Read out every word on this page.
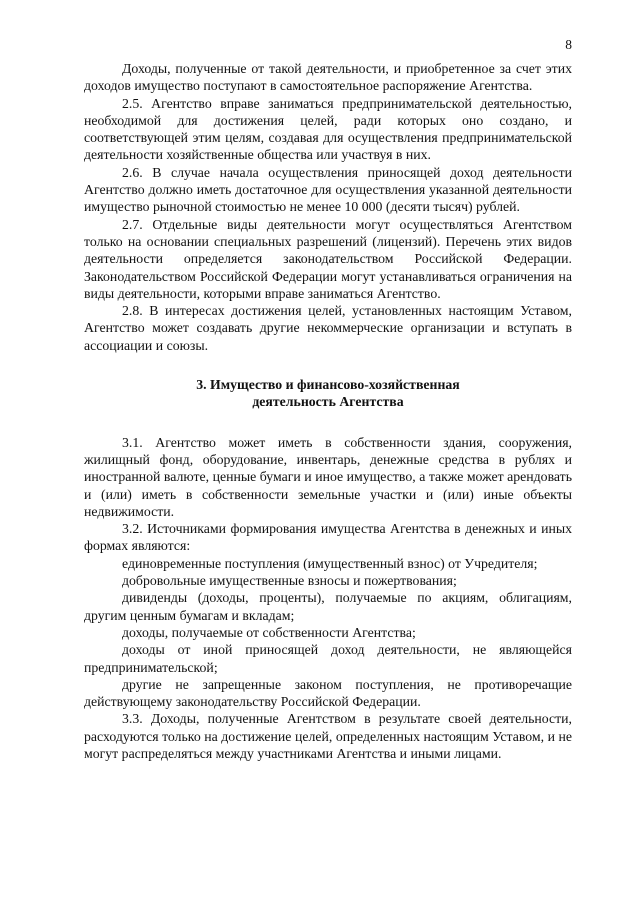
8

Доходы, полученные от такой деятельности, и приобретенное за счет этих доходов имущество поступают в самостоятельное распоряжение Агентства.

2.5. Агентство вправе заниматься предпринимательской деятельностью, необходимой для достижения целей, ради которых оно создано, и соответствующей этим целям, создавая для осуществления предпринимательской деятельности хозяйственные общества или участвуя в них.

2.6. В случае начала осуществления приносящей доход деятельности Агентство должно иметь достаточное для осуществления указанной деятельности имущество рыночной стоимостью не менее 10 000 (десяти тысяч) рублей.

2.7. Отдельные виды деятельности могут осуществляться Агентством только на основании специальных разрешений (лицензий). Перечень этих видов деятельности определяется законодательством Российской Федерации. Законодательством Российской Федерации могут устанавливаться ограничения на виды деятельности, которыми вправе заниматься Агентство.

2.8. В интересах достижения целей, установленных настоящим Уставом, Агентство может создавать другие некоммерческие организации и вступать в ассоциации и союзы.

3. Имущество и финансово-хозяйственная
деятельность Агентства

3.1. Агентство может иметь в собственности здания, сооружения, жилищный фонд, оборудование, инвентарь, денежные средства в рублях и иностранной валюте, ценные бумаги и иное имущество, а также может арендовать и (или) иметь в собственности земельные участки и (или) иные объекты недвижимости.

3.2. Источниками формирования имущества Агентства в денежных и иных формах являются:

единовременные поступления (имущественный взнос) от Учредителя;

добровольные имущественные взносы и пожертвования;

дивиденды (доходы, проценты), получаемые по акциям, облигациям, другим ценным бумагам и вкладам;

доходы, получаемые от собственности Агентства;

доходы от иной приносящей доход деятельности, не являющейся предпринимательской;

другие не запрещенные законом поступления, не противоречащие действующему законодательству Российской Федерации.

3.3. Доходы, полученные Агентством в результате своей деятельности, расходуются только на достижение целей, определенных настоящим Уставом, и не могут распределяться между участниками Агентства и иными лицами.
